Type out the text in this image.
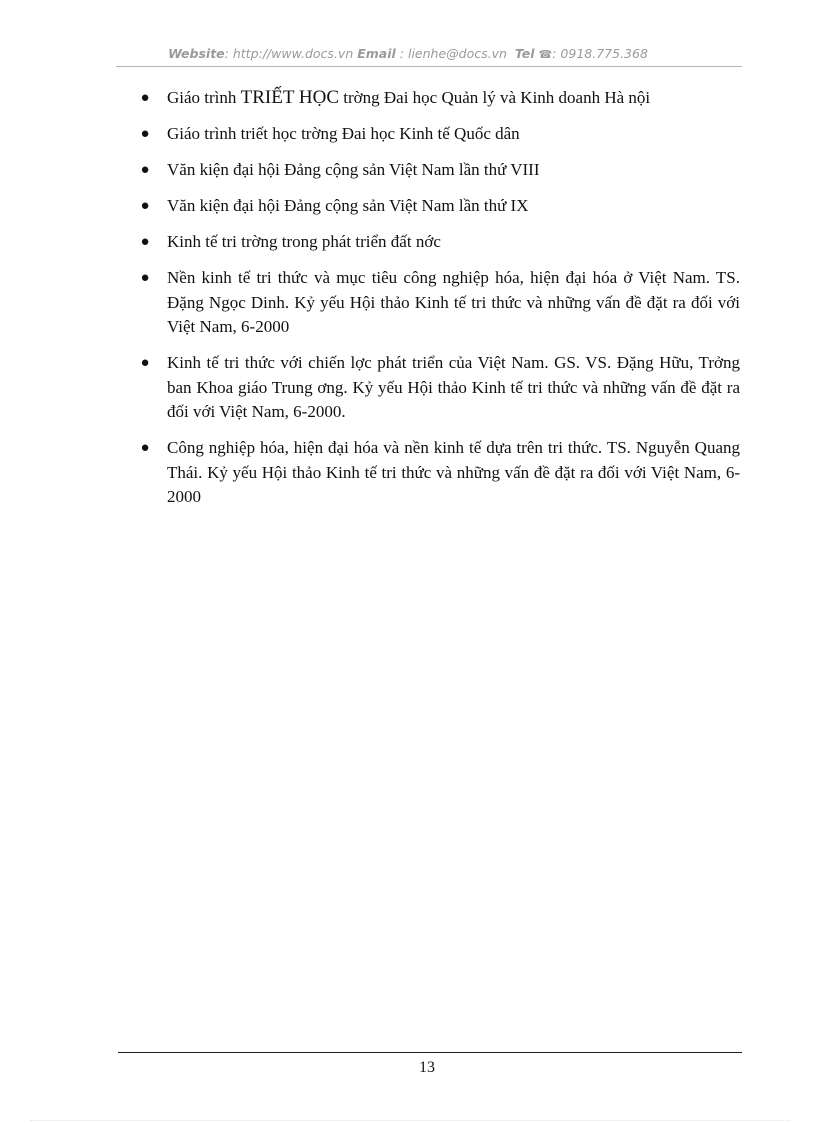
Website: http://www.docs.vn Email : lienhe@docs.vn Tel ☎: 0918.775.368
● Giáo trình TRIẾT HỌC trờng Đai học Quản lý và Kinh doanh Hà nội
● Giáo trình triết học trờng Đai học Kinh tế Quốc dân
● Văn kiện đại hội Đảng cộng sản Việt Nam lần thứ VIII
● Văn kiện đại hội Đảng cộng sản Việt Nam lần thứ IX
● Kinh tế tri trờng trong phát triển đất nớc
● Nền kinh tế tri thức và mục tiêu công nghiệp hóa, hiện đại hóa ở Việt Nam. TS. Đặng Ngọc Dinh. Kỷ yếu Hội thảo Kinh tế tri thức và những vấn đề đặt ra đối với Việt Nam, 6-2000
● Kinh tế tri thức với chiến lợc phát triển của Việt Nam. GS. VS. Đặng Hữu, Trởng ban Khoa giáo Trung ơng. Kỷ yếu Hội thảo Kinh tế tri thức và những vấn đề đặt ra đối với Việt Nam, 6-2000.
● Công nghiệp hóa, hiện đại hóa và nền kinh tế dựa trên tri thức. TS. Nguyễn Quang Thái. Kỷ yếu Hội thảo Kinh tế tri thức và những vấn đề đặt ra đối với Việt Nam, 6-2000
13
